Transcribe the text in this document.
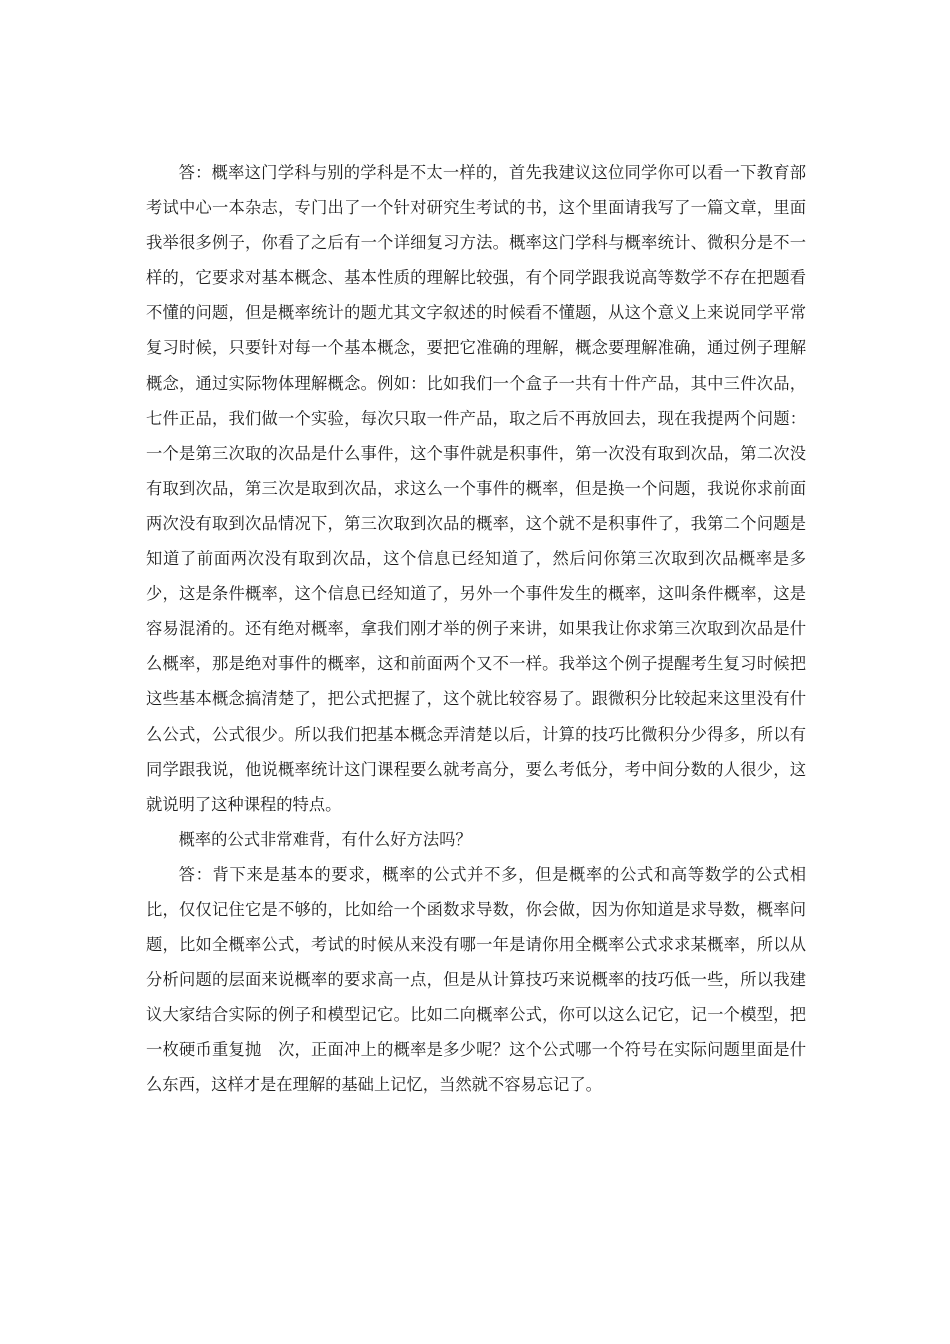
答：概率这门学科与别的学科是不太一样的，首先我建议这位同学你可以看一下教育部考试中心一本杂志，专门出了一个针对研究生考试的书，这个里面请我写了一篇文章，里面我举很多例子，你看了之后有一个详细复习方法。概率这门学科与概率统计、微积分是不一样的，它要求对基本概念、基本性质的理解比较强，有个同学跟我说高等数学不存在把题看不懂的问题，但是概率统计的题尤其文字叙述的时候看不懂题，从这个意义上来说同学平常复习时候，只要针对每一个基本概念，要把它准确的理解，概念要理解准确，通过例子理解概念，通过实际物体理解概念。例如：比如我们一个盒子一共有十件产品，其中三件次品，七件正品，我们做一个实验，每次只取一件产品，取之后不再放回去，现在我提两个问题：一个是第三次取的次品是什么事件，这个事件就是积事件，第一次没有取到次品，第二次没有取到次品，第三次是取到次品，求这么一个事件的概率，但是换一个问题，我说你求前面两次没有取到次品情况下，第三次取到次品的概率，这个就不是积事件了，我第二个问题是知道了前面两次没有取到次品，这个信息已经知道了，然后问你第三次取到次品概率是多少，这是条件概率，这个信息已经知道了，另外一个事件发生的概率，这叫条件概率，这是容易混淆的。还有绝对概率，拿我们刚才举的例子来讲，如果我让你求第三次取到次品是什么概率，那是绝对事件的概率，这和前面两个又不一样。我举这个例子提醒考生复习时候把这些基本概念搞清楚了，把公式把握了，这个就比较容易了。跟微积分比较起来这里没有什么公式，公式很少。所以我们把基本概念弄清楚以后，计算的技巧比微积分少得多，所以有同学跟我说，他说概率统计这门课程要么就考高分，要么考低分，考中间分数的人很少，这就说明了这种课程的特点。

概率的公式非常难背，有什么好方法吗？

答：背下来是基本的要求，概率的公式并不多，但是概率的公式和高等数学的公式相比，仅仅记住它是不够的，比如给一个函数求导数，你会做，因为你知道是求导数，概率问题，比如全概率公式，考试的时候从来没有哪一年是请你用全概率公式求求某概率，所以从分析问题的层面来说概率的要求高一点，但是从计算技巧来说概率的技巧低一些，所以我建议大家结合实际的例子和模型记它。比如二向概率公式，你可以这么记它，记一个模型，把一枚硬币重复抛　次，正面冲上的概率是多少呢？这个公式哪一个符号在实际问题里面是什么东西，这样才是在理解的基础上记忆，当然就不容易忘记了。
